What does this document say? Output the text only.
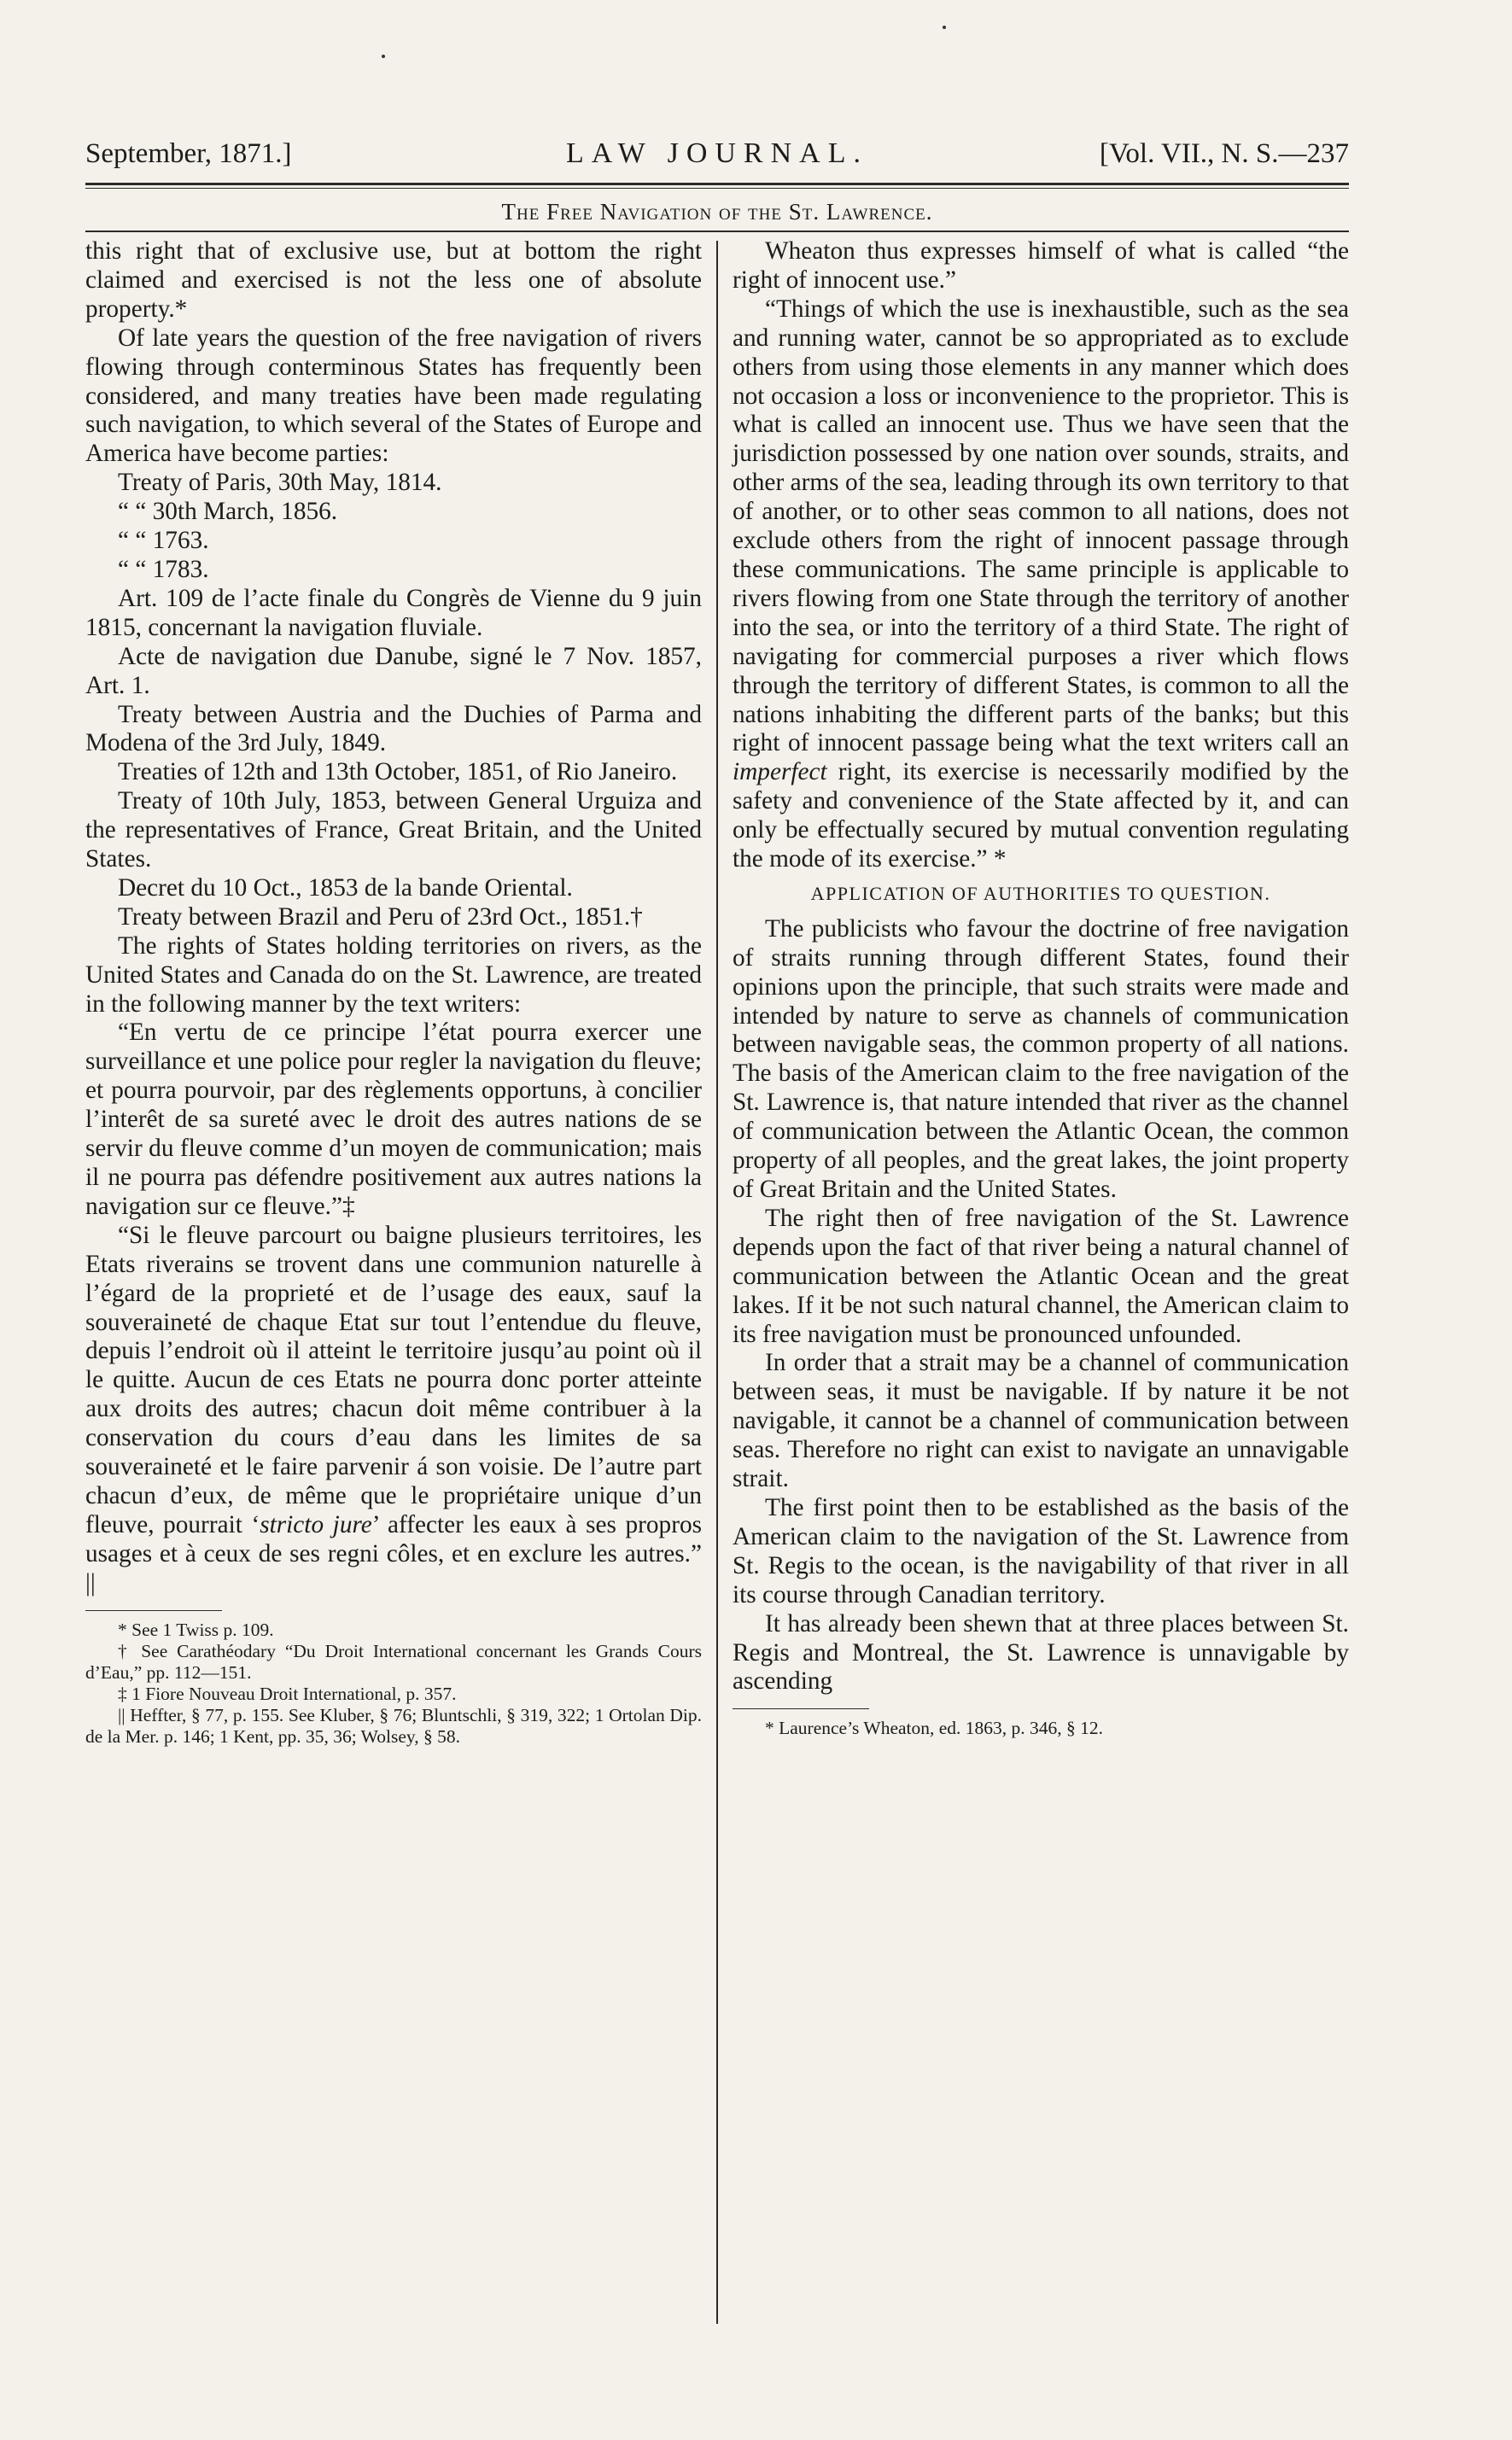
September, 1871.]	LAW JOURNAL.	[Vol. VII., N. S.—237
The Free Navigation of the St. Lawrence.

this right that of exclusive use, but at bottom the right claimed and exercised is not the less one of absolute property.*

Of late years the question of the free navigation of rivers flowing through conterminous States has frequently been considered, and many treaties have been made regulating such navigation, to which several of the States of Europe and America have become parties:

Treaty of Paris, 30th May, 1814.

“ “ 30th March, 1856.

“ “ 1763.

“ “ 1783.

Art. 109 de l’acte finale du Congrès de Vienne du 9 juin 1815, concernant la navigation fluviale.

Acte de navigation due Danube, signé le 7 Nov. 1857, Art. 1.

Treaty between Austria and the Duchies of Parma and Modena of the 3rd July, 1849.

Treaties of 12th and 13th October, 1851, of Rio Janeiro.

Treaty of 10th July, 1853, between General Urguiza and the representatives of France, Great Britain, and the United States.

Decret du 10 Oct., 1853 de la bande Oriental.

Treaty between Brazil and Peru of 23rd Oct., 1851.†

The rights of States holding territories on rivers, as the United States and Canada do on the St. Lawrence, are treated in the following manner by the text writers:

“En vertu de ce principe l’état pourra exercer une surveillance et une police pour regler la navigation du fleuve; et pourra pourvoir, par des règlements opportuns, à concilier l’interêt de sa sureté avec le droit des autres nations de se servir du fleuve comme d’un moyen de communication; mais il ne pourra pas défendre positivement aux autres nations la navigation sur ce fleuve.”‡

“Si le fleuve parcourt ou baigne plusieurs territoires, les Etats riverains se trovent dans une communion naturelle à l’égard de la proprieté et de l’usage des eaux, sauf la souveraineté de chaque Etat sur tout l’entendue du fleuve, depuis l’endroit où il atteint le territoire jusqu’au point où il le quitte. Aucun de ces Etats ne pourra donc porter atteinte aux droits des autres; chacun doit même contribuer à la conservation du cours d’eau dans les limites de sa souveraineté et le faire parvenir á son voisie. De l’autre part chacun d’eux, de même que le propriétaire unique d’un fleuve, pourrait ‘stricto jure’ affecter les eaux à ses propros usages et à ceux de ses regni côles, et en exclure les autres.” ||

* See 1 Twiss p. 109.

† See Carathéodary “Du Droit International concernant les Grands Cours d’Eau,” pp. 112—151.

‡ 1 Fiore Nouveau Droit International, p. 357.

|| Heffter, § 77, p. 155. See Kluber, § 76; Bluntschli, § 319, 322; 1 Ortolan Dip. de la Mer. p. 146; 1 Kent, pp. 35, 36; Wolsey, § 58.

Wheaton thus expresses himself of what is called “the right of innocent use.”

“Things of which the use is inexhaustible, such as the sea and running water, cannot be so appropriated as to exclude others from using those elements in any manner which does not occasion a loss or inconvenience to the proprietor. This is what is called an innocent use. Thus we have seen that the jurisdiction possessed by one nation over sounds, straits, and other arms of the sea, leading through its own territory to that of another, or to other seas common to all nations, does not exclude others from the right of innocent passage through these communications. The same principle is applicable to rivers flowing from one State through the territory of another into the sea, or into the territory of a third State. The right of navigating for commercial purposes a river which flows through the territory of different States, is common to all the nations inhabiting the different parts of the banks; but this right of innocent passage being what the text writers call an imperfect right, its exercise is necessarily modified by the safety and convenience of the State affected by it, and can only be effectually secured by mutual convention regulating the mode of its exercise.” *

APPLICATION OF AUTHORITIES TO QUESTION.

The publicists who favour the doctrine of free navigation of straits running through different States, found their opinions upon the principle, that such straits were made and intended by nature to serve as channels of communication between navigable seas, the common property of all nations. The basis of the American claim to the free navigation of the St. Lawrence is, that nature intended that river as the channel of communication between the Atlantic Ocean, the common property of all peoples, and the great lakes, the joint property of Great Britain and the United States.

The right then of free navigation of the St. Lawrence depends upon the fact of that river being a natural channel of communication between the Atlantic Ocean and the great lakes. If it be not such natural channel, the American claim to its free navigation must be pronounced unfounded.

In order that a strait may be a channel of communication between seas, it must be navigable. If by nature it be not navigable, it cannot be a channel of communication between seas. Therefore no right can exist to navigate an unnavigable strait.

The first point then to be established as the basis of the American claim to the navigation of the St. Lawrence from St. Regis to the ocean, is the navigability of that river in all its course through Canadian territory.

It has already been shewn that at three places between St. Regis and Montreal, the St. Lawrence is unnavigable by ascending

* Laurence’s Wheaton, ed. 1863, p. 346, § 12.
